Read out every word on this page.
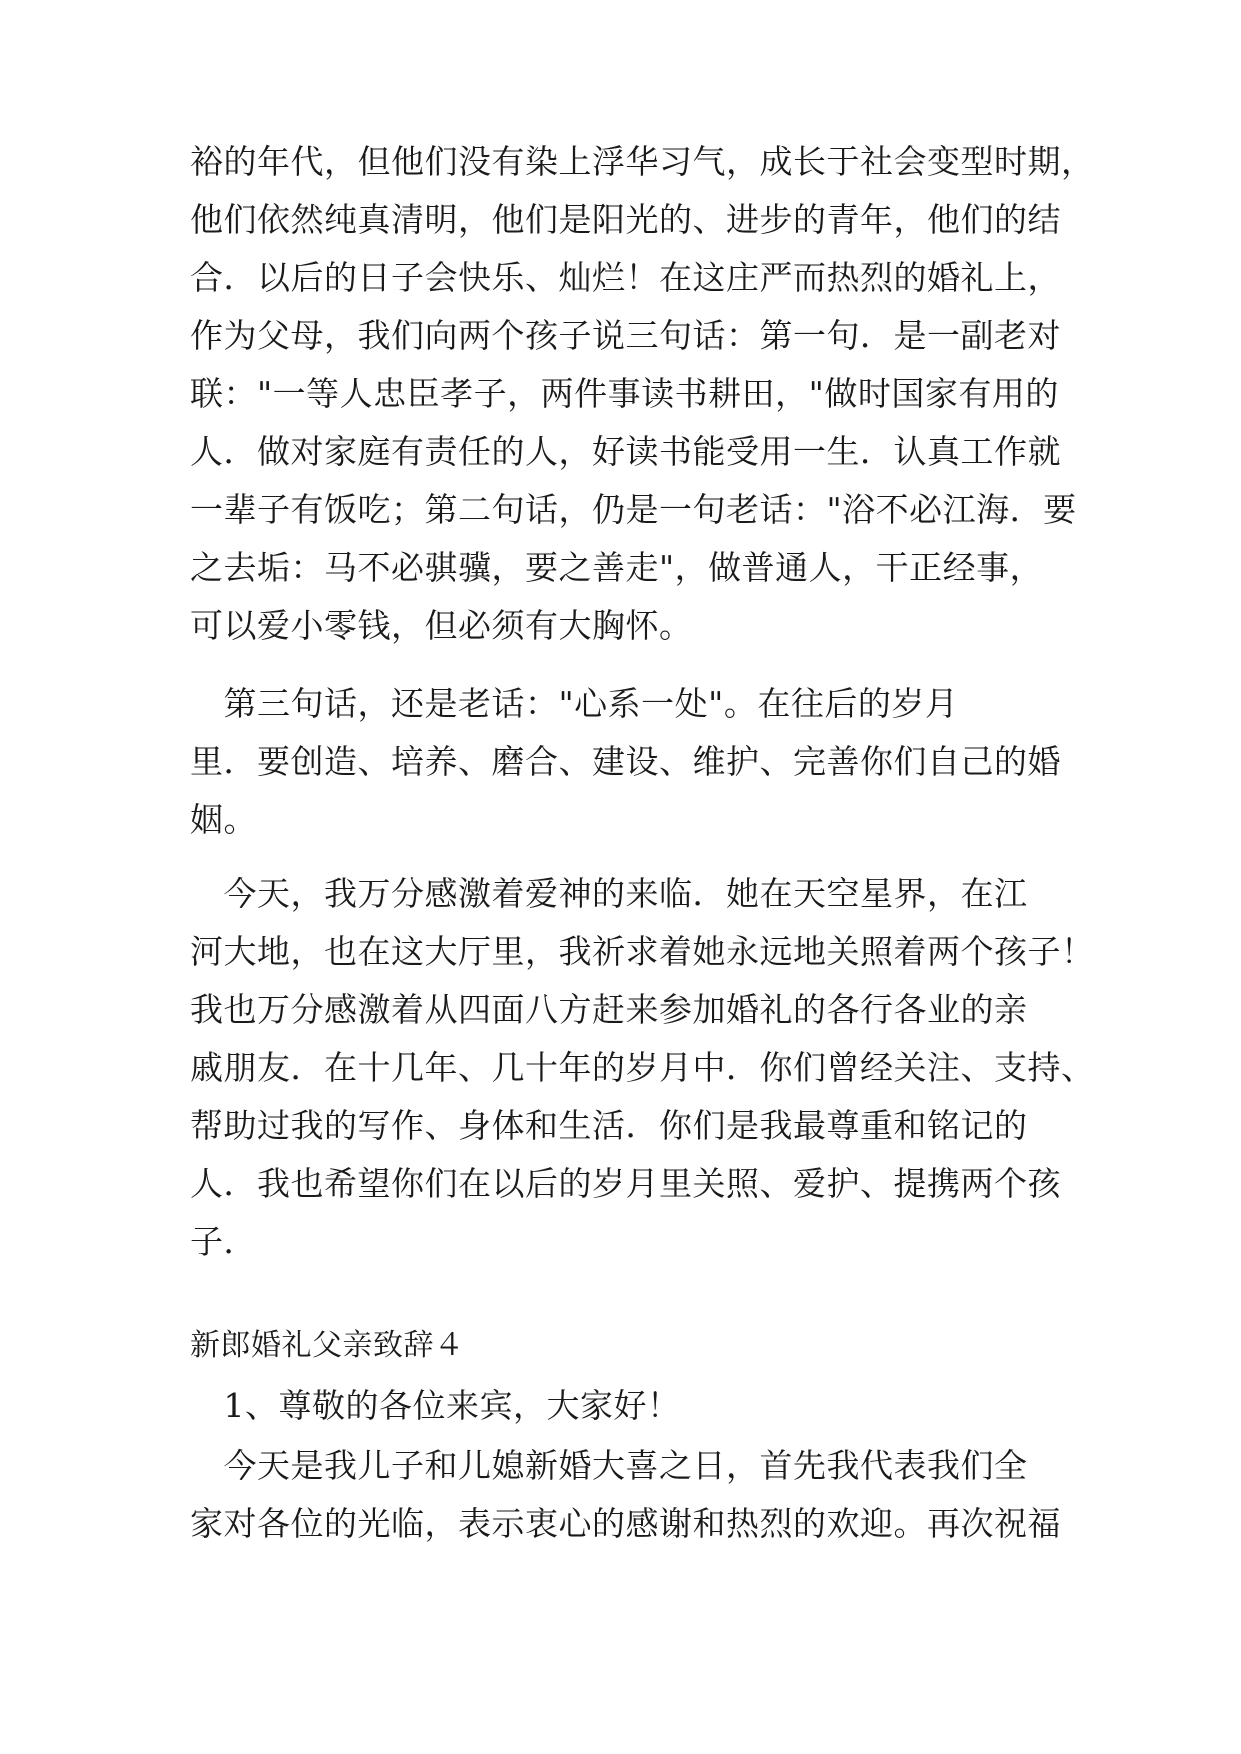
裕的年代，但他们没有染上浮华习气，成长于社会变型时期，
他们依然纯真清明，他们是阳光的、进步的青年，他们的结
合．以后的日子会快乐、灿烂！在这庄严而热烈的婚礼上，
作为父母，我们向两个孩子说三句话：第一句．是一副老对
联："一等人忠臣孝子，两件事读书耕田，"做时国家有用的
人．做对家庭有责任的人，好读书能受用一生．认真工作就
一辈子有饭吃；第二句话，仍是一句老话："浴不必江海．要
之去垢：马不必骐骥，要之善走"，做普通人，干正经事，
可以爱小零钱，但必须有大胸怀。
　第三句话，还是老话："心系一处"。在往后的岁月
里．要创造、培养、磨合、建设、维护、完善你们自己的婚
姻。
　今天，我万分感激着爱神的来临．她在天空星界，在江
河大地，也在这大厅里，我祈求着她永远地关照着两个孩子！
我也万分感激着从四面八方赶来参加婚礼的各行各业的亲
戚朋友．在十几年、几十年的岁月中．你们曾经关注、支持、
帮助过我的写作、身体和生活．你们是我最尊重和铭记的
人．我也希望你们在以后的岁月里关照、爱护、提携两个孩
子．
新郎婚礼父亲致辞４
　1、尊敬的各位来宾，大家好！
　今天是我儿子和儿媳新婚大喜之日，首先我代表我们全
家对各位的光临，表示衷心的感谢和热烈的欢迎。再次祝福
